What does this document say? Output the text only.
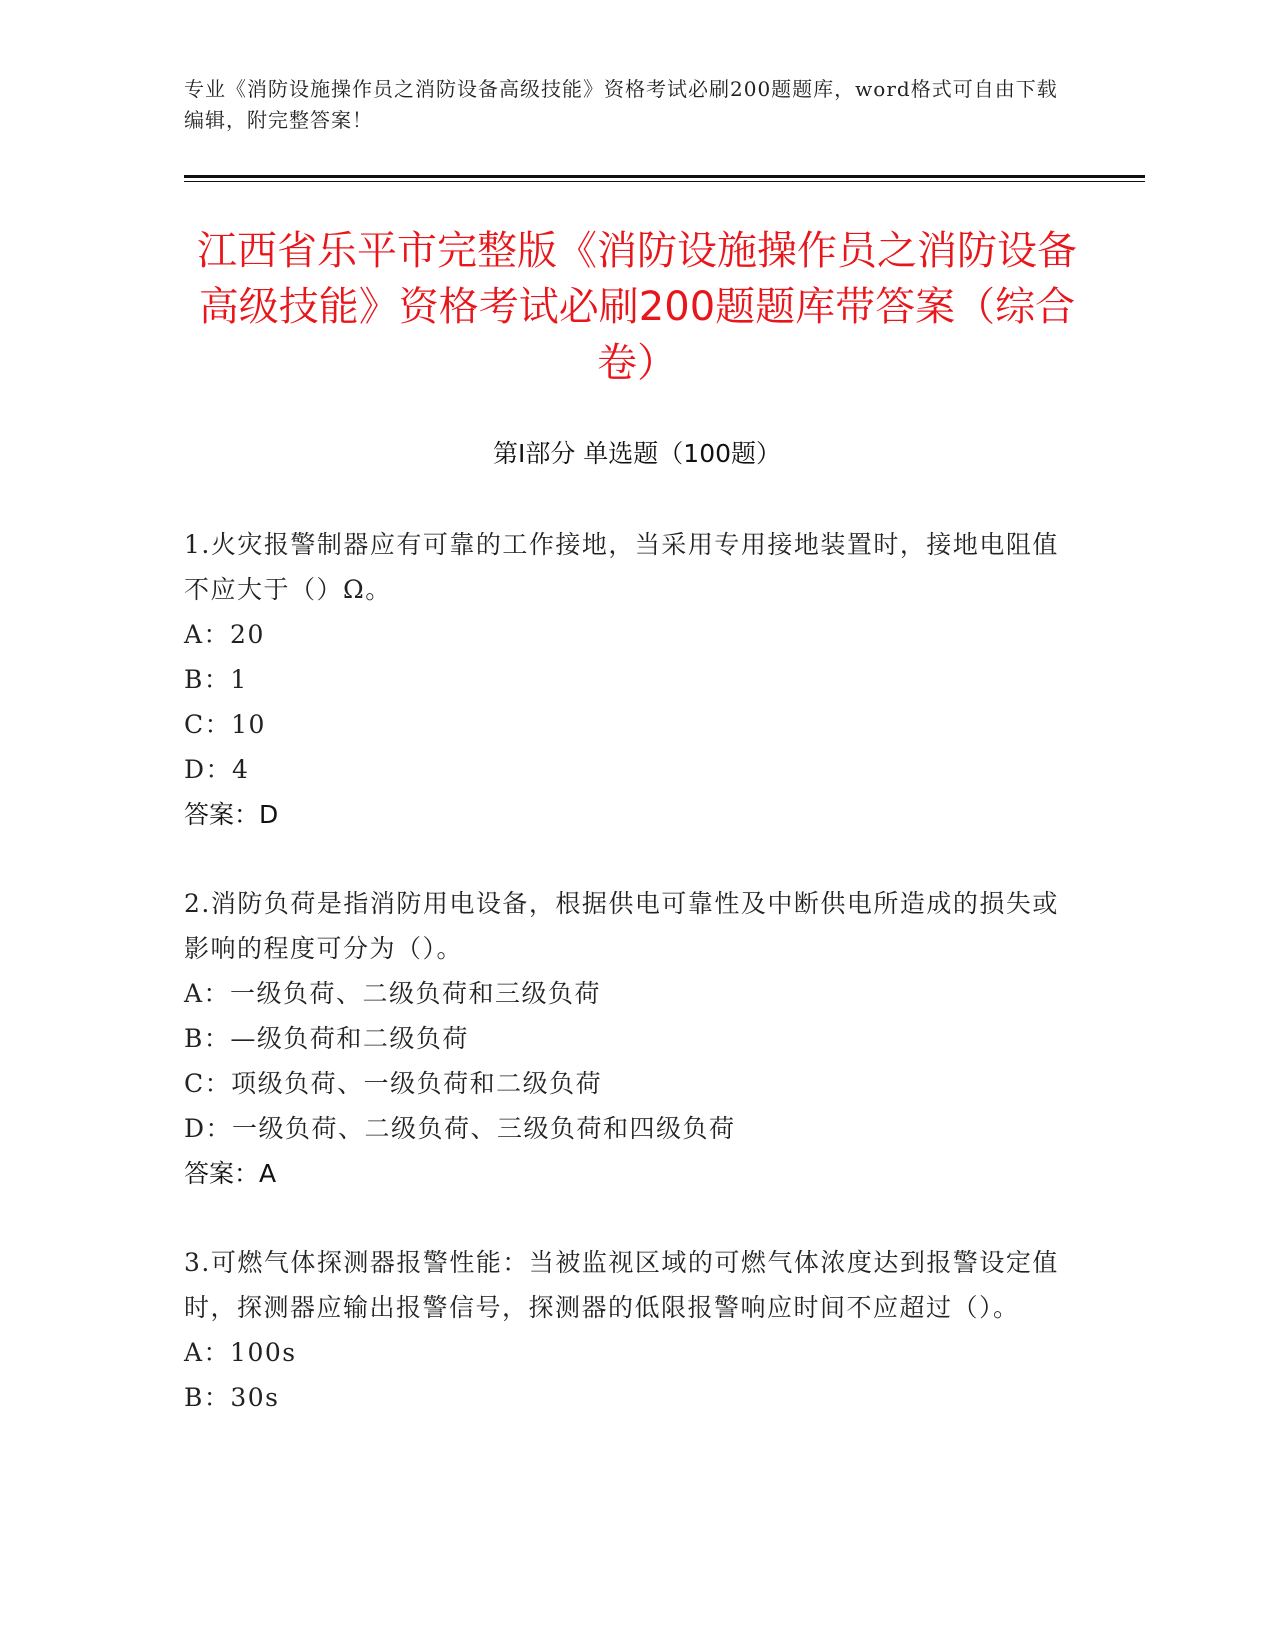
专业《消防设施操作员之消防设备高级技能》资格考试必刷200题题库，word格式可自由下载编辑，附完整答案！
江西省乐平市完整版《消防设施操作员之消防设备高级技能》资格考试必刷200题题库带答案（综合卷）
第Ⅰ部分 单选题（100题）
1.火灾报警制器应有可靠的工作接地，当采用专用接地装置时，接地电阻值不应大于（）Ω。
A：20
B：1
C：10
D：4
答案：D
2.消防负荷是指消防用电设备，根据供电可靠性及中断供电所造成的损失或影响的程度可分为（）。
A：一级负荷、二级负荷和三级负荷
B：—级负荷和二级负荷
C：项级负荷、一级负荷和二级负荷
D：一级负荷、二级负荷、三级负荷和四级负荷
答案：A
3.可燃气体探测器报警性能：当被监视区域的可燃气体浓度达到报警设定值时，探测器应输出报警信号，探测器的低限报警响应时间不应超过（）。
A：100s
B：30s
